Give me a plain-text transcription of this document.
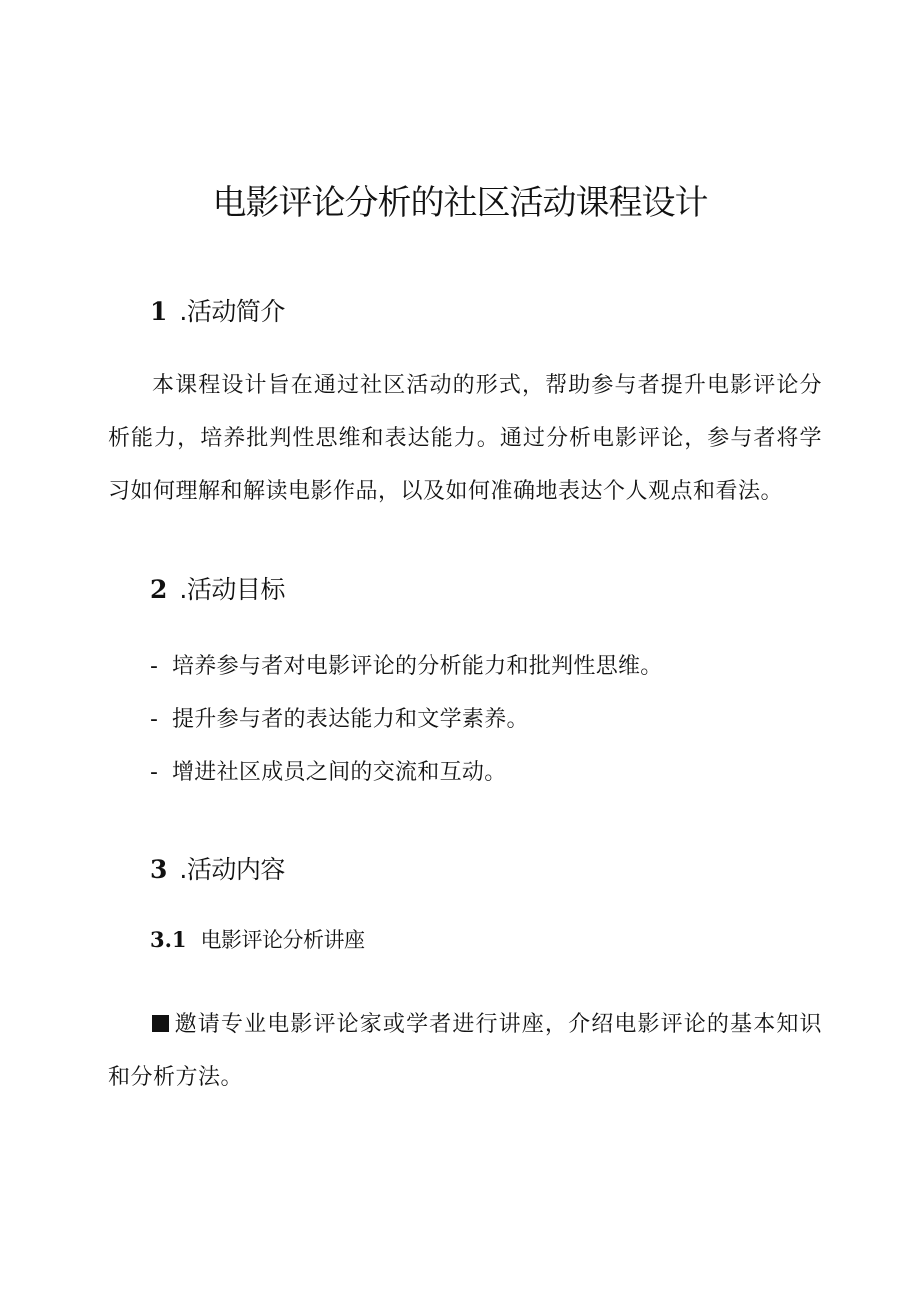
电影评论分析的社区活动课程设计
1 .活动简介

本课程设计旨在通过社区活动的形式，帮助参与者提升电影评论分析能力，培养批判性思维和表达能力。通过分析电影评论，参与者将学习如何理解和解读电影作品，以及如何准确地表达个人观点和看法。

2 .活动目标
- 培养参与者对电影评论的分析能力和批判性思维。
- 提升参与者的表达能力和文学素养。
- 增进社区成员之间的交流和互动。
3 .活动内容
3.1 电影评论分析讲座

邀请专业电影评论家或学者进行讲座，介绍电影评论的基本知识和分析方法。
